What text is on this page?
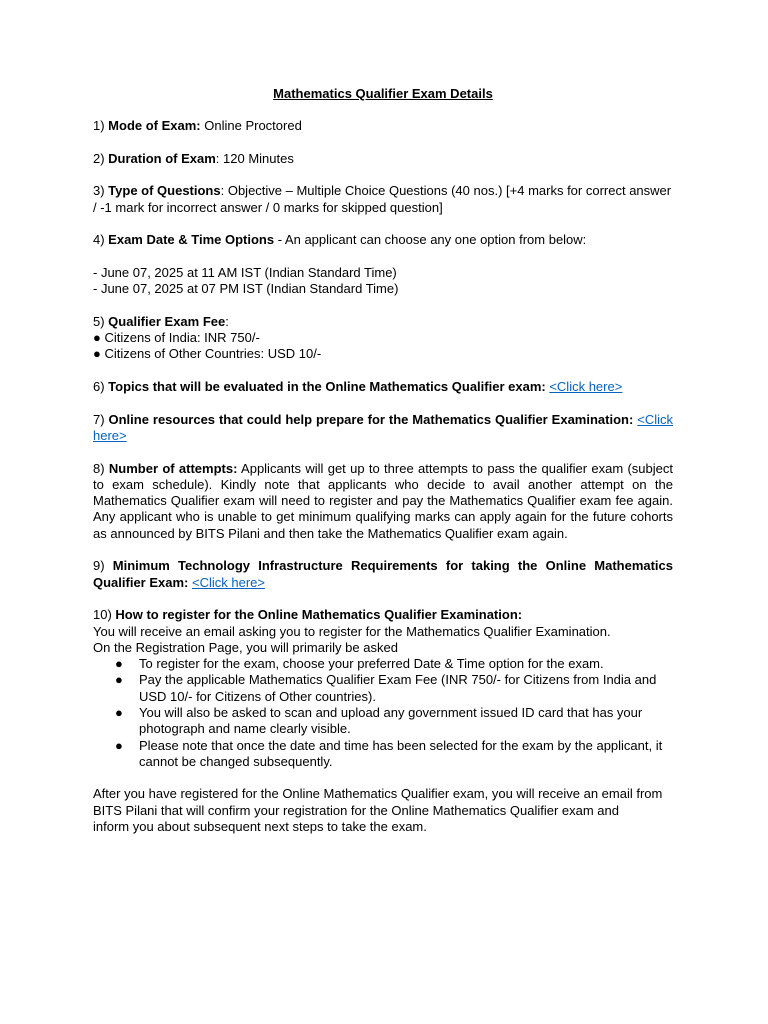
Mathematics Qualifier Exam Details

1) Mode of Exam: Online Proctored

2) Duration of Exam: 120 Minutes

3) Type of Questions: Objective – Multiple Choice Questions (40 nos.) [+4 marks for correct answer / -1 mark for incorrect answer / 0 marks for skipped question]

4) Exam Date & Time Options - An applicant can choose any one option from below:

- June 07, 2025 at 11 AM IST (Indian Standard Time)
- June 07, 2025 at 07 PM IST (Indian Standard Time)

5) Qualifier Exam Fee:
● Citizens of India: INR 750/-
● Citizens of Other Countries: USD 10/-

6) Topics that will be evaluated in the Online Mathematics Qualifier exam: <Click here>

7) Online resources that could help prepare for the Mathematics Qualifier Examination: <Click here>

8) Number of attempts: Applicants will get up to three attempts to pass the qualifier exam (subject to exam schedule). Kindly note that applicants who decide to avail another attempt on the Mathematics Qualifier exam will need to register and pay the Mathematics Qualifier exam fee again. Any applicant who is unable to get minimum qualifying marks can apply again for the future cohorts as announced by BITS Pilani and then take the Mathematics Qualifier exam again.

9) Minimum Technology Infrastructure Requirements for taking the Online Mathematics Qualifier Exam: <Click here>

10) How to register for the Online Mathematics Qualifier Examination:
You will receive an email asking you to register for the Mathematics Qualifier Examination.
On the Registration Page, you will primarily be asked
● To register for the exam, choose your preferred Date & Time option for the exam.
● Pay the applicable Mathematics Qualifier Exam Fee (INR 750/- for Citizens from India and USD 10/- for Citizens of Other countries).
● You will also be asked to scan and upload any government issued ID card that has your photograph and name clearly visible.
● Please note that once the date and time has been selected for the exam by the applicant, it cannot be changed subsequently.

After you have registered for the Online Mathematics Qualifier exam, you will receive an email from
BITS Pilani that will confirm your registration for the Online Mathematics Qualifier exam and
inform you about subsequent next steps to take the exam.
